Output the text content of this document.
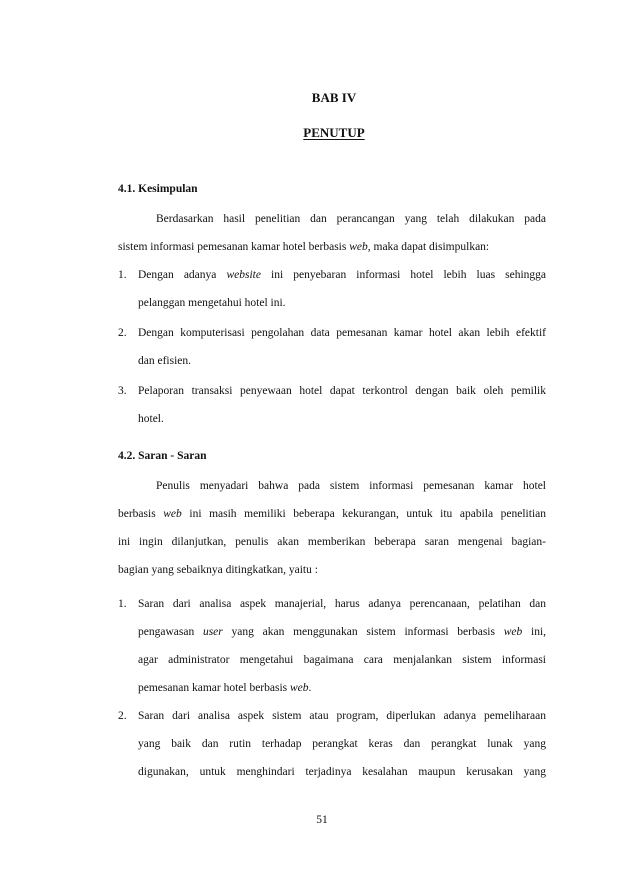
BAB IV
PENUTUP
4.1. Kesimpulan
Berdasarkan hasil penelitian dan perancangan yang telah dilakukan pada
sistem informasi pemesanan kamar hotel berbasis web, maka dapat disimpulkan:
1. Dengan adanya website ini penyebaran informasi hotel lebih luas sehingga
pelanggan mengetahui hotel ini.
2. Dengan komputerisasi pengolahan data pemesanan kamar hotel akan lebih efektif
dan efisien.
3. Pelaporan transaksi penyewaan hotel dapat terkontrol dengan baik oleh pemilik
hotel.
4.2. Saran - Saran
Penulis menyadari bahwa pada sistem informasi pemesanan kamar hotel
berbasis web ini masih memiliki beberapa kekurangan, untuk itu apabila penelitian
ini ingin dilanjutkan, penulis akan memberikan beberapa saran mengenai bagian-
bagian yang sebaiknya ditingkatkan, yaitu :
1. Saran dari analisa aspek manajerial, harus adanya perencanaan, pelatihan dan
pengawasan user yang akan menggunakan sistem informasi berbasis web ini,
agar administrator mengetahui bagaimana cara menjalankan sistem informasi
pemesanan kamar hotel berbasis web.
2. Saran dari analisa aspek sistem atau program, diperlukan adanya pemeliharaan
yang baik dan rutin terhadap perangkat keras dan perangkat lunak yang
digunakan, untuk menghindari terjadinya kesalahan maupun kerusakan yang
51
